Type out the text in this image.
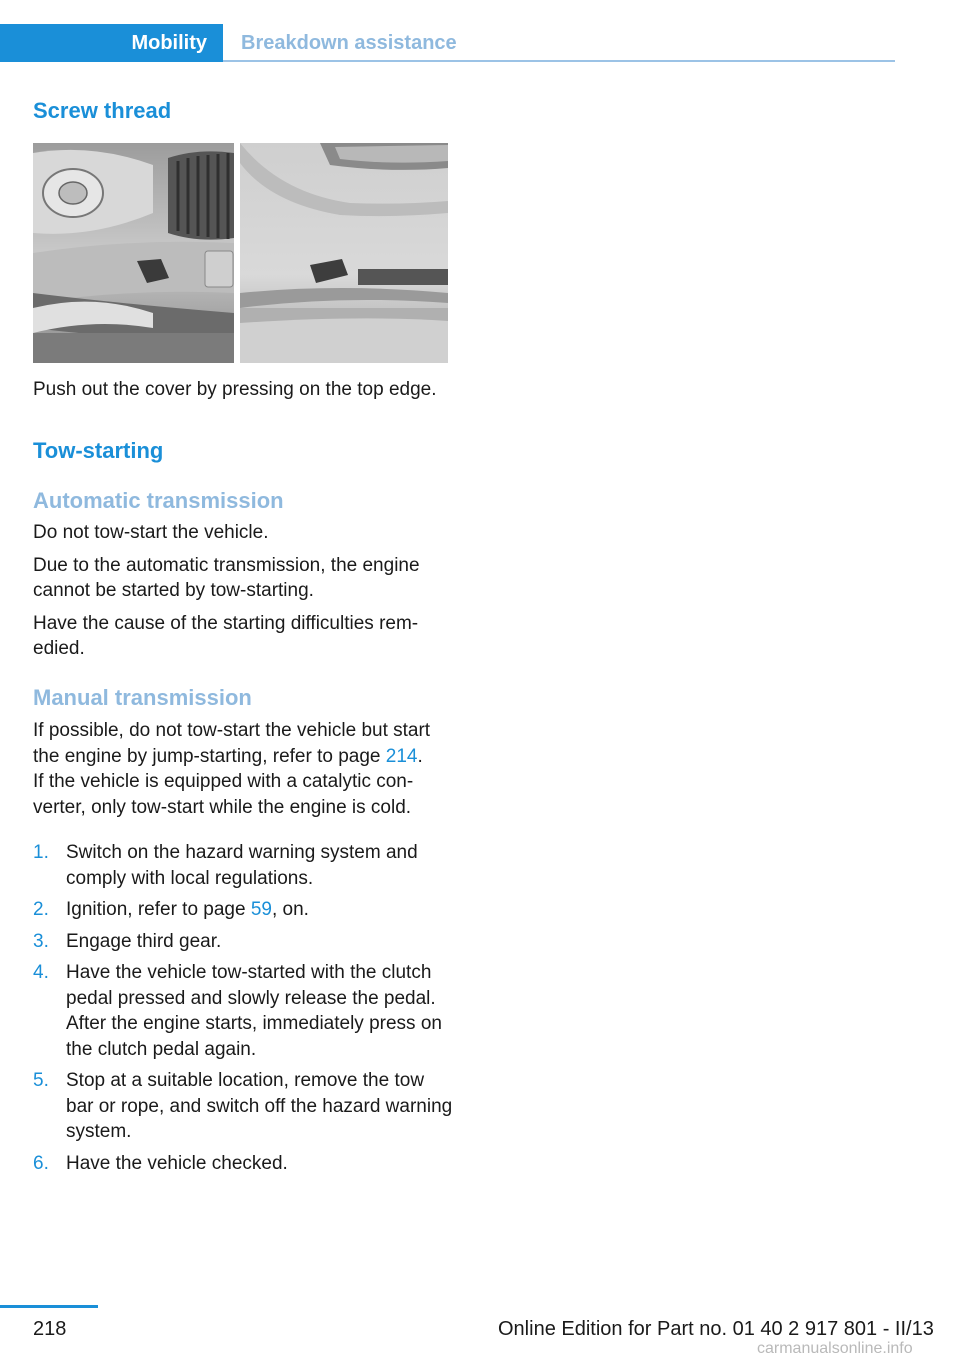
Mobility	Breakdown assistance
Screw thread

Push out the cover by pressing on the top edge.

Tow-starting
Automatic transmission

Do not tow-start the vehicle.

Due to the automatic transmission, the engine cannot be started by tow-starting.

Have the cause of the starting difficulties remedied.

Manual transmission

If possible, do not tow-start the vehicle but start the engine by jump-starting, refer to page 214.

If the vehicle is equipped with a catalytic converter, only tow-start while the engine is cold.

1. Switch on the hazard warning system and comply with local regulations.
2. Ignition, refer to page 59, on.
3. Engage third gear.
4. Have the vehicle tow-started with the clutch pedal pressed and slowly release the pedal. After the engine starts, immediately press on the clutch pedal again.
5. Stop at a suitable location, remove the tow bar or rope, and switch off the hazard warning system.
6. Have the vehicle checked.
218	Online Edition for Part no. 01 40 2 917 801 - II/13
carmanualsonline.info
